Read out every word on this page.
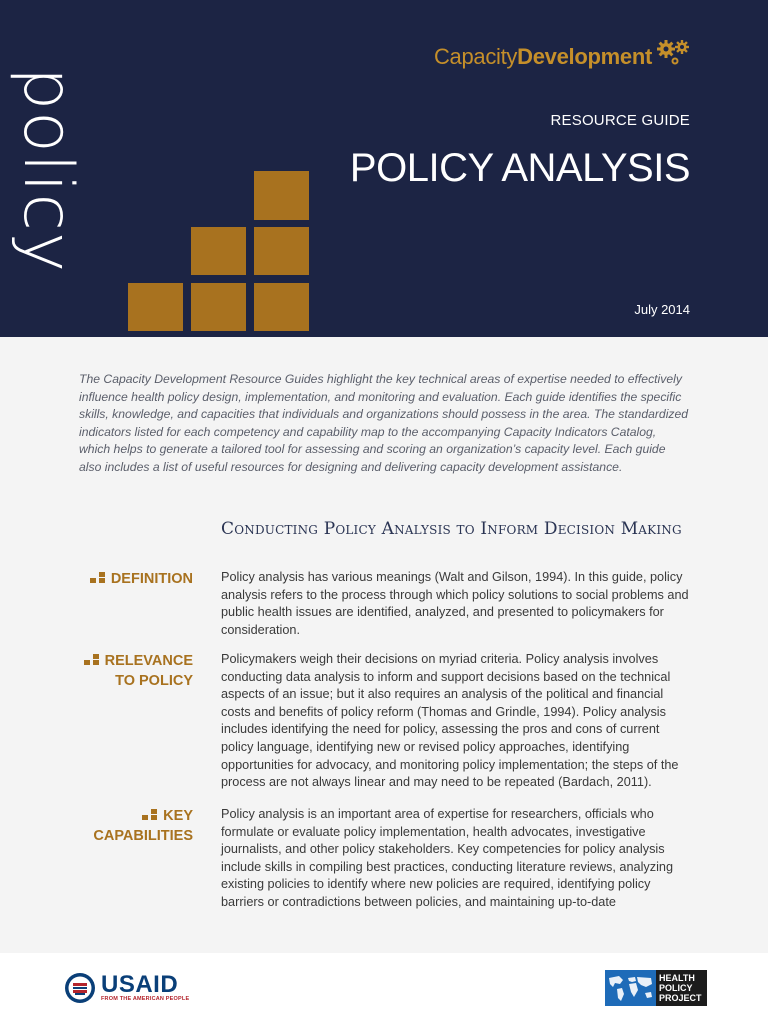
policy
Capacity Development
RESOURCE GUIDE
POLICY ANALYSIS
July 2014
The Capacity Development Resource Guides highlight the key technical areas of expertise needed to effectively influence health policy design, implementation, and monitoring and evaluation. Each guide identifies the specific skills, knowledge, and capacities that individuals and organizations should possess in the area. The standardized indicators listed for each competency and capability map to the accompanying Capacity Indicators Catalog, which helps to generate a tailored tool for assessing and scoring an organization’s capacity level. Each guide also includes a list of useful resources for designing and delivering capacity development assistance.
Conducting Policy Analysis to Inform Decision Making
DEFINITION Policy analysis has various meanings (Walt and Gilson, 1994). In this guide, policy analysis refers to the process through which policy solutions to social problems and public health issues are identified, analyzed, and presented to policymakers for consideration.
RELEVANCE TO POLICY
Policymakers weigh their decisions on myriad criteria. Policy analysis involves conducting data analysis to inform and support decisions based on the technical aspects of an issue; but it also requires an analysis of the political and financial costs and benefits of policy reform (Thomas and Grindle, 1994). Policy analysis includes identifying the need for policy, assessing the pros and cons of current policy language, identifying new or revised policy approaches, identifying opportunities for advocacy, and monitoring policy implementation; the steps of the process are not always linear and may need to be repeated (Bardach, 2011).
KEY CAPABILITIES
Policy analysis is an important area of expertise for researchers, officials who formulate or evaluate policy implementation, health advocates, investigative journalists, and other policy stakeholders. Key competencies for policy analysis include skills in compiling best practices, conducting literature reviews, analyzing existing policies to identify where new policies are required, identifying policy barriers or contradictions between policies, and maintaining up-to-date
USAID
FROM THE AMERICAN PEOPLE
HEALTH
POLICY
PROJECT
